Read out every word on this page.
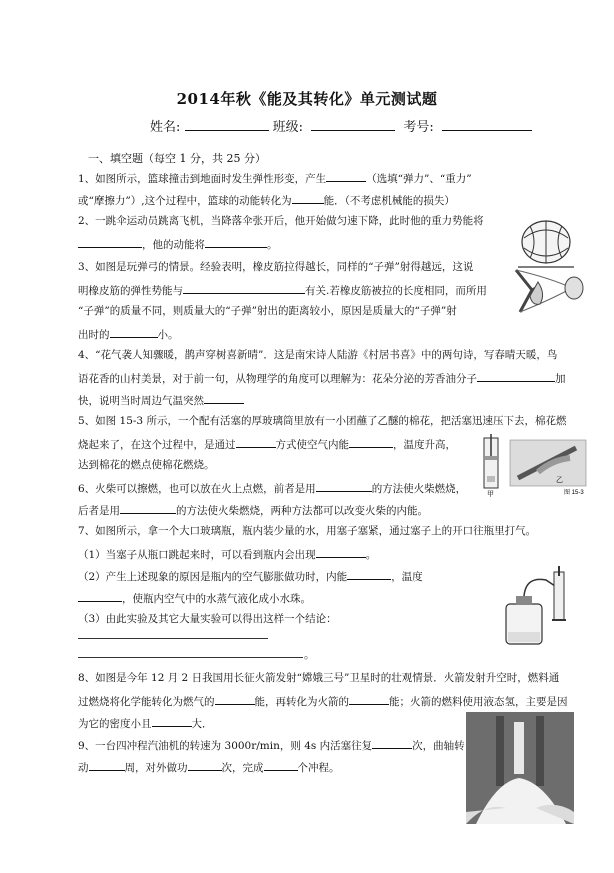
2014年秋《能及其转化》单元测试题
姓名:	班级:	考号:
一、填空题（每空 1 分，共 25 分）
1、如图所示，篮球撞击到地面时发生弹性形变，产生	（选填“弹力”、“重力”
或“摩擦力”）,这个过程中，篮球的动能转化为	能．（不考虑机械能的损失）
2、一跳伞运动员跳离飞机，当降落伞张开后，他开始做匀速下降，此时他的重力势能将
，他的动能将	。
3、如图是玩弹弓的情景。经验表明，橡皮筋拉得越长，同样的“子弹”射得越远，这说
明橡皮筋的弹性势能与	有关.若橡皮筋被拉的长度相同，而所用
“子弹”的质量不同，则质量大的“子弹”射出的距离较小，原因是质量大的“子弹”射
出时的	小。
4、“花气袭人知骤暖，鹊声穿树喜新晴”．这是南宋诗人陆游《村居书喜》中的两句诗，写春晴天暖，鸟
语花香的山村美景，对于前一句，从物理学的角度可以理解为：花朵分泌的芳香油分子	加
快，说明当时周边气温突然
5、如图 15-3 所示，一个配有活塞的厚玻璃筒里放有一小团蘸了乙醚的棉花，把活塞迅速压下去，棉花燃
烧起来了，在这个过程中，是通过	方式使空气内能	，温度升高，
达到棉花的燃点使棉花燃烧。
6、火柴可以擦燃，也可以放在火上点燃，前者是用	的方法使火柴燃烧，
后者是用	的方法使火柴燃烧，两种方法都可以改变火柴的内能。
7、如图所示，拿一个大口玻璃瓶，瓶内装少量的水，用塞子塞紧，通过塞子上的开口往瓶里打气。
（1）当塞子从瓶口跳起来时，可以看到瓶内会出现	。
（2）产生上述现象的原因是瓶内的空气膨胀做功时，内能	，温度
，使瓶内空气中的水蒸气液化成小水珠。
（3）由此实验及其它大量实验可以得出这样一个结论：
。
8、如图是今年 12 月 2 日我国用长征火箭发射“嫦娥三号”卫星时的壮观情景．火箭发射升空时，燃料通
过燃烧将化学能转化为燃气的	能，再转化为火箭的	能；火箭的燃料使用液态氢，主要是因
为它的密度小且	大．
9、一台四冲程汽油机的转速为 3000r/min，则 4s 内活塞往复	次，曲轴转
动	周，对外做功	次，完成	个冲程。
甲
乙
图 15-3
